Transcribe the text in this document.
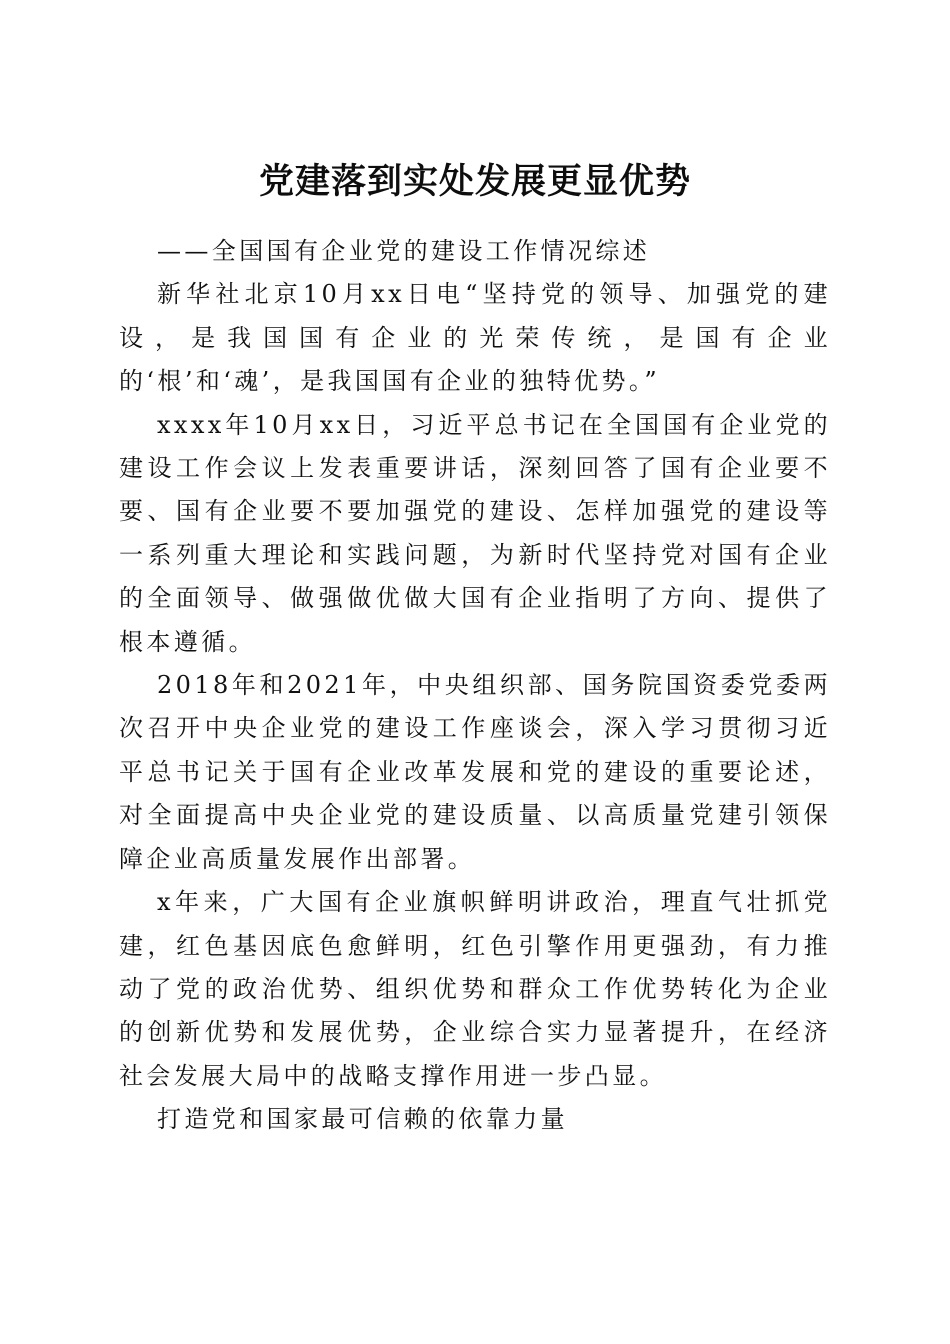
党建落到实处发展更显优势

——全国国有企业党的建设工作情况综述

新华社北京10月xx日电“坚持党的领导、加强党的建设，是我国国有企业的光荣传统，是国有企业的‘根’和‘魂’，是我国国有企业的独特优势。”

xxxx年10月xx日，习近平总书记在全国国有企业党的建设工作会议上发表重要讲话，深刻回答了国有企业要不要、国有企业要不要加强党的建设、怎样加强党的建设等一系列重大理论和实践问题，为新时代坚持党对国有企业的全面领导、做强做优做大国有企业指明了方向、提供了根本遵循。

2018年和2021年，中央组织部、国务院国资委党委两次召开中央企业党的建设工作座谈会，深入学习贯彻习近平总书记关于国有企业改革发展和党的建设的重要论述，对全面提高中央企业党的建设质量、以高质量党建引领保障企业高质量发展作出部署。

x年来，广大国有企业旗帜鲜明讲政治，理直气壮抓党建，红色基因底色愈鲜明，红色引擎作用更强劲，有力推动了党的政治优势、组织优势和群众工作优势转化为企业的创新优势和发展优势，企业综合实力显著提升，在经济社会发展大局中的战略支撑作用进一步凸显。

打造党和国家最可信赖的依靠力量
